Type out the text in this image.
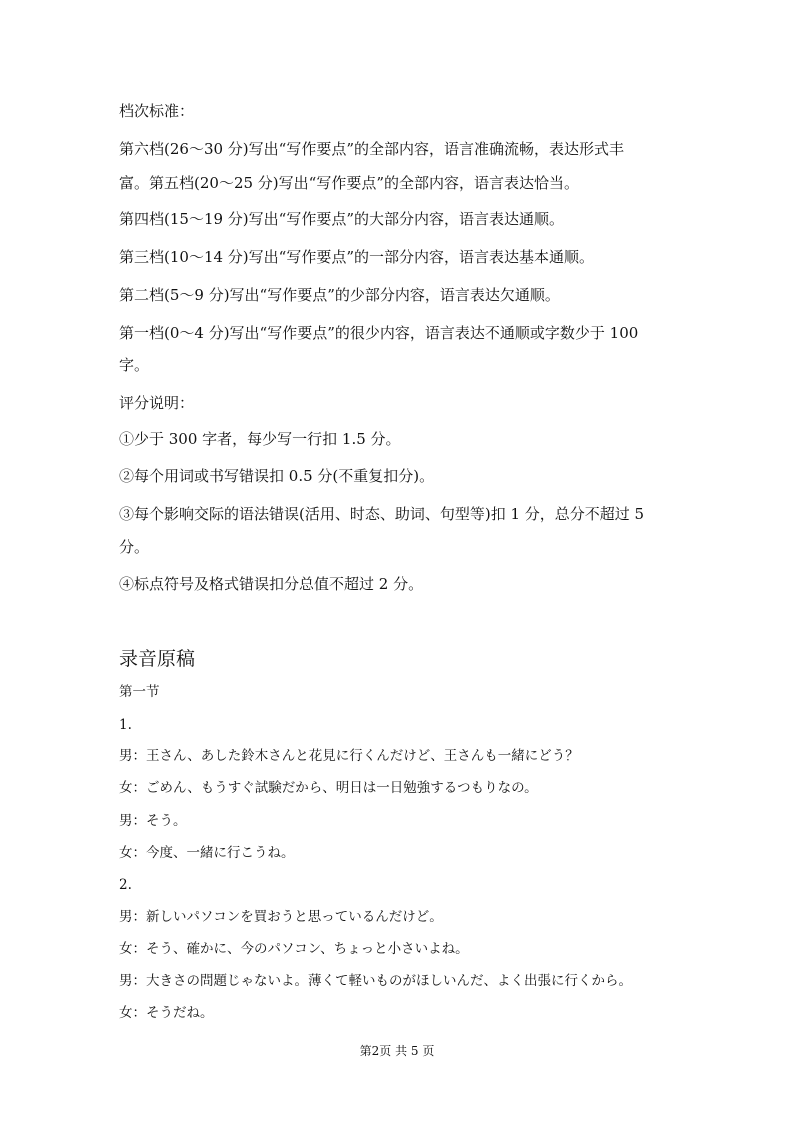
档次标准：
第六档(26～30 分)写出“写作要点”的全部内容，语言准确流畅，表达形式丰
富。第五档(20～25 分)写出“写作要点”的全部内容，语言表达恰当。
第四档(15～19 分)写出“写作要点”的大部分内容，语言表达通顺。
第三档(10～14 分)写出“写作要点”的一部分内容，语言表达基本通顺。
第二档(5～9 分)写出“写作要点”的少部分内容，语言表达欠通顺。
第一档(0～4 分)写出“写作要点”的很少内容，语言表达不通顺或字数少于 100
字。
评分说明：
①少于 300 字者，每少写一行扣 1.5 分。
②每个用词或书写错误扣 0.5 分(不重复扣分)。
③每个影响交际的语法错误(活用、时态、助词、句型等)扣 1 分，总分不超过 5
分。
④标点符号及格式错误扣分总值不超过 2 分。
录音原稿
第一节
1.
男：王さん、あした鈴木さんと花見に行くんだけど、王さんも一緒にどう？
女：ごめん、もうすぐ試験だから、明日は一日勉強するつもりなの。
男：そう。
女：今度、一緒に行こうね。
2.
男：新しいパソコンを買おうと思っているんだけど。
女：そう、確かに、今のパソコン、ちょっと小さいよね。
男：大きさの問題じゃないよ。薄くて軽いものがほしいんだ、よく出張に行くから。
女：そうだね。
第2页 共 5 页
